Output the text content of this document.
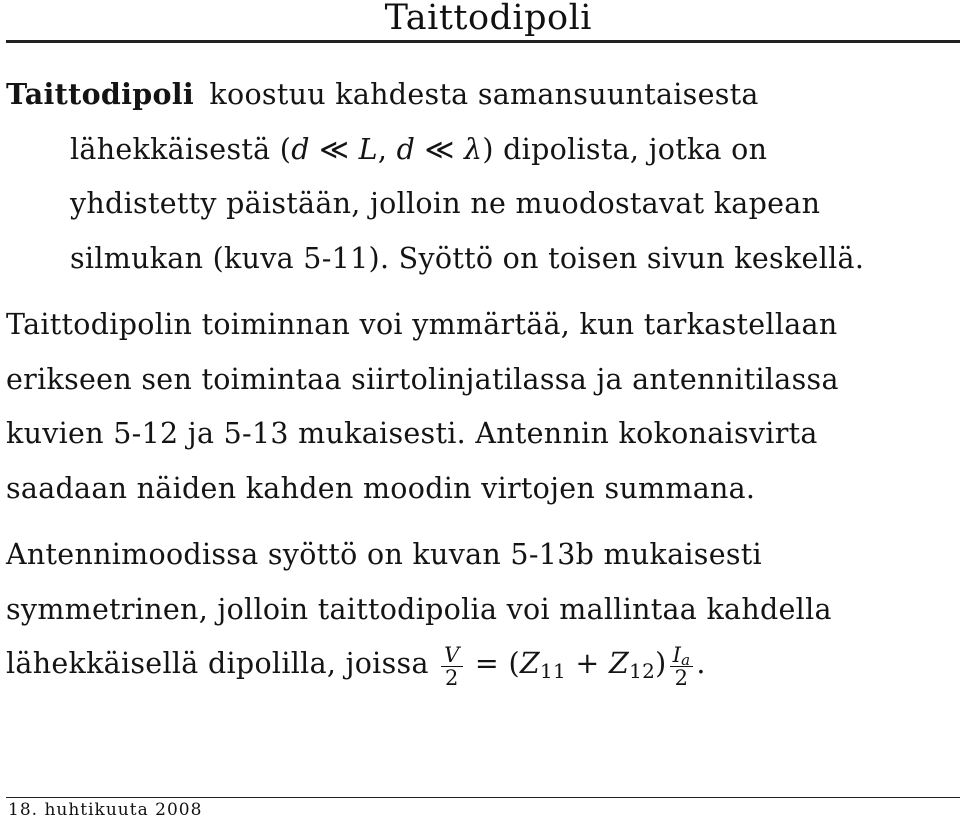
Taittodipoli

Taittodipoli koostuu kahdesta samansuuntaisesta
lähekkäisestä (d ≪ L, d ≪ λ) dipolista, jotka on
yhdistetty päistään, jolloin ne muodostavat kapean
silmukan (kuva 5-11). Syöttö on toisen sivun keskellä.

Taittodipolin toiminnan voi ymmärtää, kun tarkastellaan
erikseen sen toimintaa siirtolinjatilassa ja antennitilassa
kuvien 5-12 ja 5-13 mukaisesti. Antennin kokonaisvirta
saadaan näiden kahden moodin virtojen summana.

Antennimoodissa syöttö on kuvan 5-13b mukaisesti
symmetrinen, jolloin taittodipolia voi mallintaa kahdella
lähekkäisellä dipolilla, joissa $\frac{V}{2} = (Z_{11} + Z_{12}) \frac{I_a}{2}$ .

18. huhtikuuta 2008
